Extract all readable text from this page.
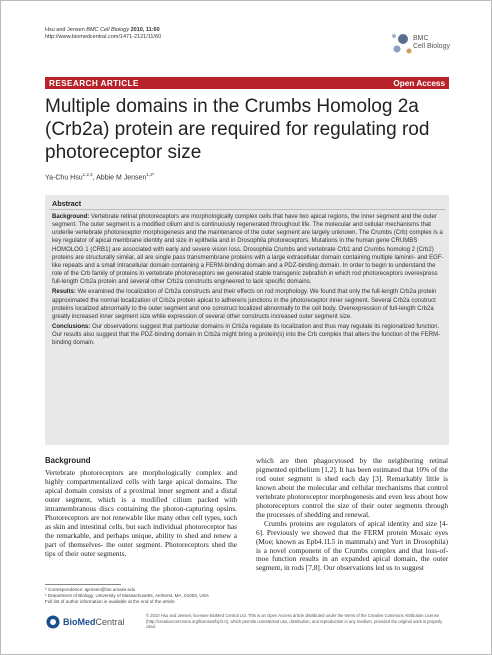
Hsu and Jensen BMC Cell Biology 2010, 11:60
http://www.biomedcentral.com/1471-2121/11/60	BMC
Cell Biology
RESEARCH ARTICLE	Open Access
Multiple domains in the Crumbs Homolog 2a (Crb2a) protein are required for regulating rod photoreceptor size
Ya-Chu Hsu$^{1,2,3}$, Abbie M Jensen$^{1,2*}$
Abstract

Background: Vertebrate retinal photoreceptors are morphologically complex cells that have two apical regions, the inner segment and the outer segment. The outer segment is a modified cilium and is continuously regenerated throughout life. The molecular and cellular mechanisms that underlie vertebrate photoreceptor morphogenesis and the maintenance of the outer segment are largely unknown. The Crumbs (Crb) complex is a key regulator of apical membrane identity and size in epithelia and in Drosophila photoreceptors. Mutations in the human gene CRUMBS HOMOLOG 1 (CRB1) are associated with early and severe vision loss. Drosophila Crumbs and vertebrate Crb1 and Crumbs homolog 2 (Crb2) proteins are structurally similar, all are single pass transmembrane proteins with a large extracellular domain containing multiple laminin- and EGF-like repeats and a small intracellular domain containing a FERM-binding domain and a PDZ-binding domain. In order to begin to understand the role of the Crb family of proteins in vertebrate photoreceptors we generated stable transgenic zebrafish in which rod photoreceptors overexpress full-length Crb2a protein and several other Crb2a constructs engineered to lack specific domains.

Results: We examined the localization of Crb2a constructs and their effects on rod morphology. We found that only the full-length Crb2a protein approximated the normal localization of Crb2a protein apical to adherens junctions in the photoreceptor inner segment. Several Crb2a construct proteins localized abnormally to the outer segment and one construct localized abnormally to the cell body. Overexpression of full-length Crb2a greatly increased inner segment size while expression of several other constructs increased outer segment size.

Conclusions: Our observations suggest that particular domains in Crb2a regulate its localization and thus may regulate its regionalized function. Our results also suggest that the PDZ-binding domain in Crb2a might bring a protein(s) into the Crb complex that alters the function of the FERM-binding domain.

Background

Vertebrate photoreceptors are morphologically complex and highly compartmentalized cells with large apical domains. The apical domain consists of a proximal inner segment and a distal outer segment, which is a modified cilium packed with intramembranous discs containing the photon-capturing opsins. Photoreceptors are not renewable like many other cell types, such as skin and intestinal cells, but each individual photoreceptor has the remarkable, and perhaps unique, ability to shed and renew a part of themselves- the outer segment. Photoreceptors shed the tips of their outer segments,

which are then phagocytosed by the neighboring retinal pigmented epithelium [1,2]. It has been estimated that 10% of the rod outer segment is shed each day [3]. Remarkably little is known about the molecular and cellular mechanisms that control vertebrate photoreceptor morphogenesis and even less about how photoreceptors control the size of their outer segments through the processes of shedding and renewal.

Crumbs proteins are regulators of apical identity and size [4-6]. Previously we showed that the FERM protein Mosaic eyes (Moe; known as Epb4.1L5 in mammals) and Yurt in Drosophila) is a novel component of the Crumbs complex and that loss-of-moe function results in an expanded apical domain, the outer segment, in rods [7,8]. Our observations led us to suggest

* Correspondence: ajensen@bio.umass.edu
¹ Department of Biology, University of Massachusetts, Amherst, MA, 01003, USA
Full list of author information is available at the end of the article
BioMedCentral
© 2010 Hsu and Jensen; licensee BioMed Central Ltd. This is an Open Access article distributed under the terms of the Creative Commons Attribution License (http://creativecommons.org/licenses/by/2.0), which permits unrestricted use, distribution, and reproduction in any medium, provided the original work is properly cited.
